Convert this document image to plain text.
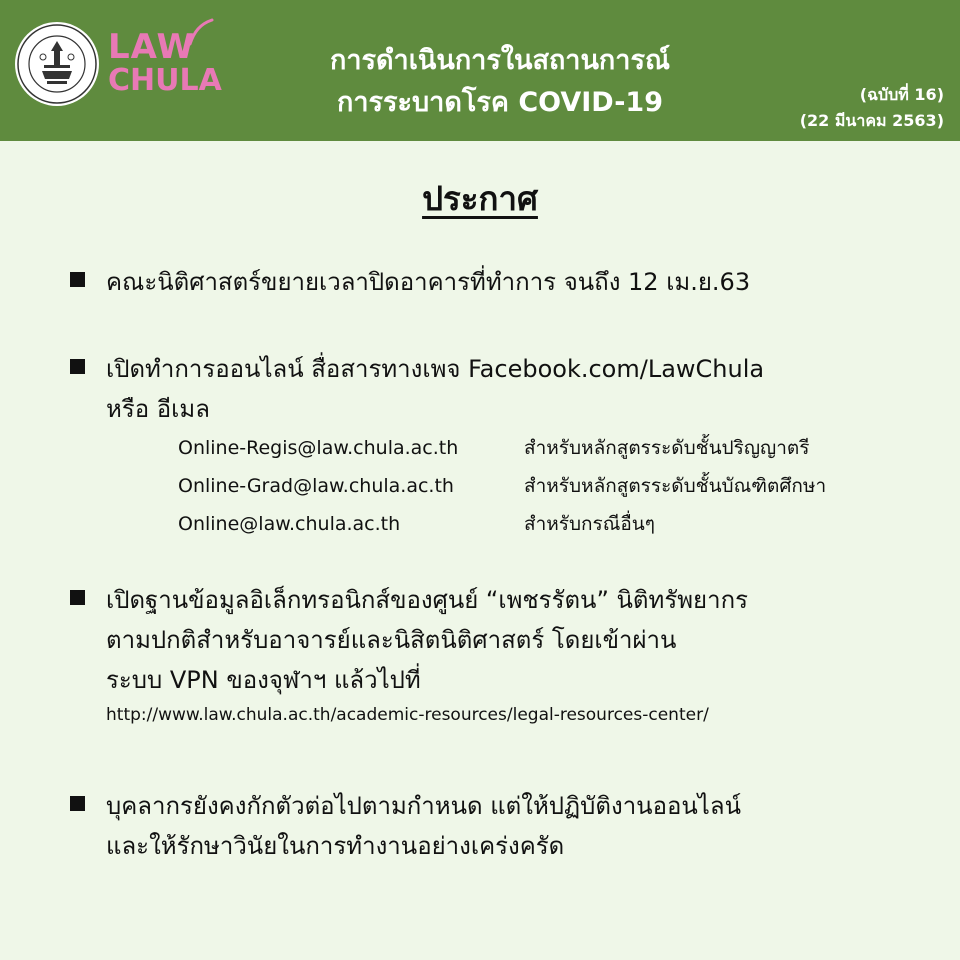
LAW
CHULA
การดำเนินการในสถานการณ์
การระบาดโรค COVID-19	(ฉบับที่ 16)
(22 มีนาคม 2563)
ประกาศ
คณะนิติศาสตร์ขยายเวลาปิดอาคารที่ทำการ จนถึง 12 เม.ย.63
เปิดทำการออนไลน์ สื่อสารทางเพจ Facebook.com/LawChula
หรือ อีเมล
Online-Regis@law.chula.ac.th	สำหรับหลักสูตรระดับชั้นปริญญาตรี
Online-Grad@law.chula.ac.th	สำหรับหลักสูตรระดับชั้นบัณฑิตศึกษา
Online@law.chula.ac.th	สำหรับกรณีอื่นๆ
เปิดฐานข้อมูลอิเล็กทรอนิกส์ของศูนย์ “เพชรรัตน” นิติทรัพยากร
ตามปกติสำหรับอาจารย์และนิสิตนิติศาสตร์ โดยเข้าผ่าน
ระบบ VPN ของจุฬาฯ แล้วไปที่
http://www.law.chula.ac.th/academic-resources/legal-resources-center/
บุคลากรยังคงกักตัวต่อไปตามกำหนด แต่ให้ปฏิบัติงานออนไลน์
และให้รักษาวินัยในการทำงานอย่างเคร่งครัด
